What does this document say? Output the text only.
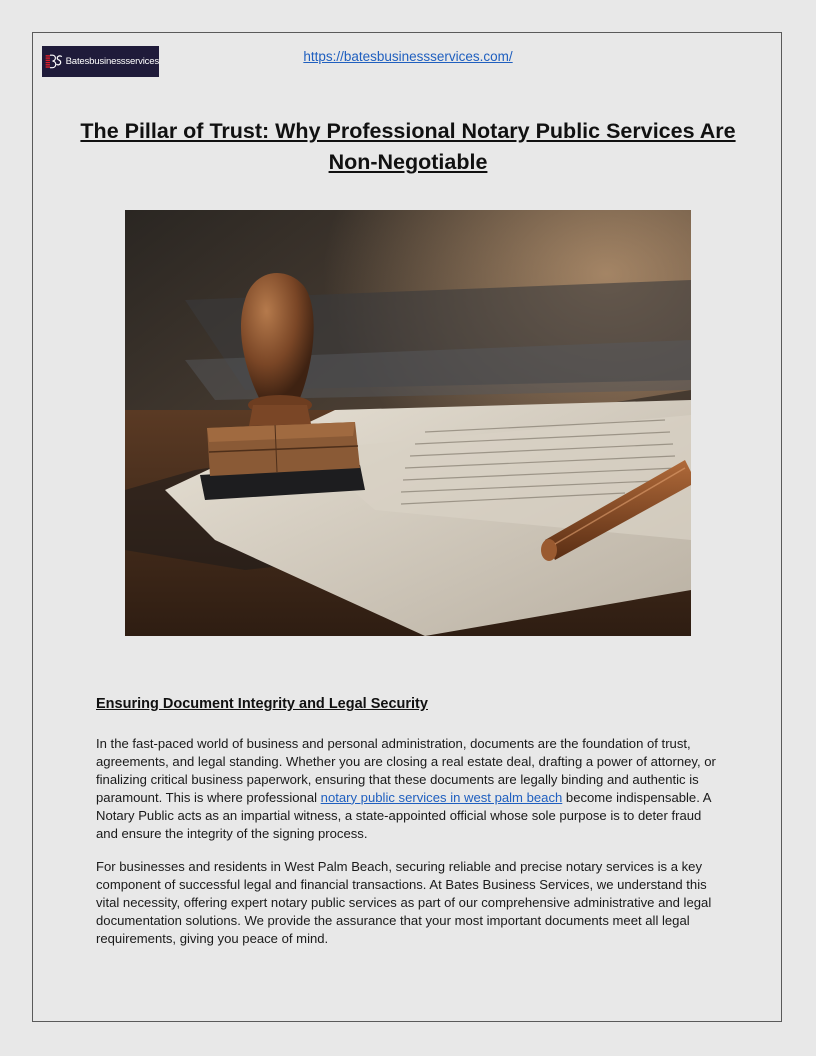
Batesbusinessservices	https://batesbusinessservices.com/
The Pillar of Trust: Why Professional Notary Public Services Are Non-Negotiable
Ensuring Document Integrity and Legal Security

In the fast-paced world of business and personal administration, documents are the foundation of trust, agreements, and legal standing. Whether you are closing a real estate deal, drafting a power of attorney, or finalizing critical business paperwork, ensuring that these documents are legally binding and authentic is paramount. This is where professional notary public services in west palm beach become indispensable. A Notary Public acts as an impartial witness, a state-appointed official whose sole purpose is to deter fraud and ensure the integrity of the signing process.

For businesses and residents in West Palm Beach, securing reliable and precise notary services is a key component of successful legal and financial transactions. At Bates Business Services, we understand this vital necessity, offering expert notary public services as part of our comprehensive administrative and legal documentation solutions. We provide the assurance that your most important documents meet all legal requirements, giving you peace of mind.
